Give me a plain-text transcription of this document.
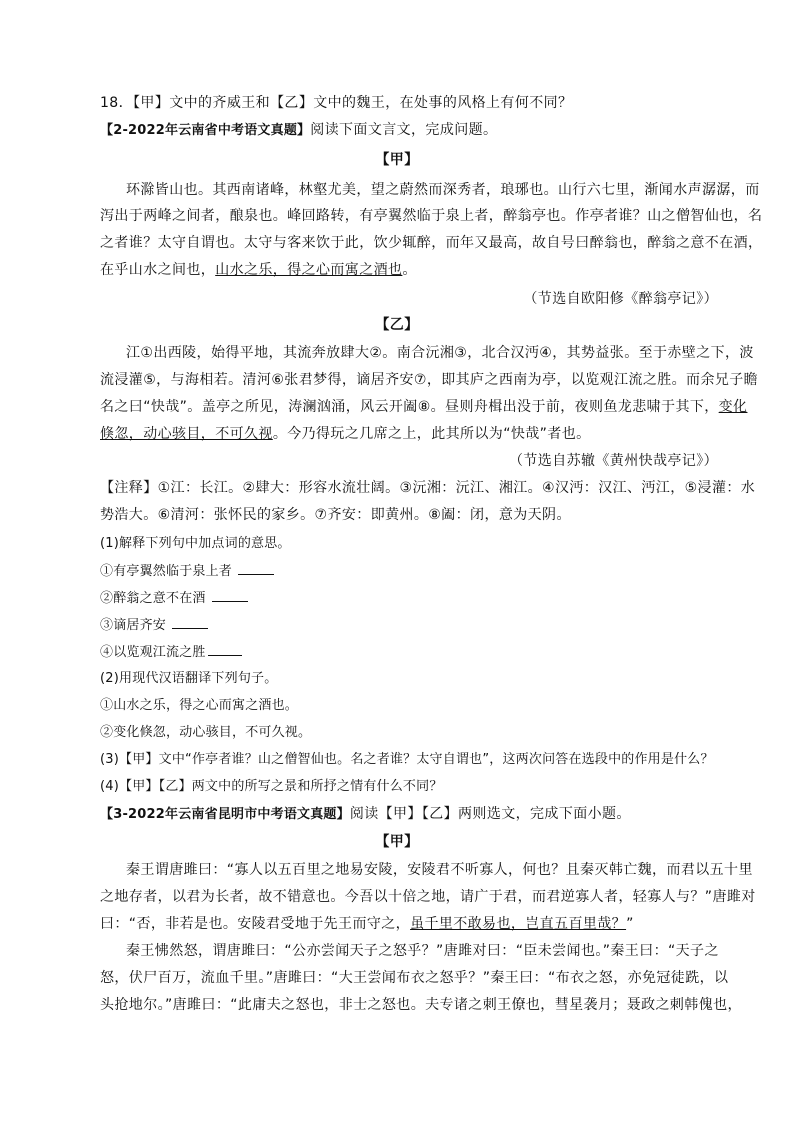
18．【甲】文中的齐威王和【乙】文中的魏王，在处事的风格上有何不同？
【2-2022年云南省中考语文真题】阅读下面文言文，完成问题。
【甲】
环滁皆山也。其西南诸峰，林壑尤美，望之蔚然而深秀者，琅琊也。山行六七里，渐闻水声潺潺，而
泻出于两峰之间者，酿泉也。峰回路转，有亭翼然临于泉上者，醉翁亭也。作亭者谁？山之僧智仙也，名
之者谁？太守自谓也。太守与客来饮于此，饮少辄醉，而年又最高，故自号曰醉翁也，醉翁之意不在酒，
在乎山水之间也，山水之乐，得之心而寓之酒也。
（节选自欧阳修《醉翁亭记》）
【乙】
江①出西陵，始得平地，其流奔放肆大②。南合沅湘③，北合汉沔④，其势益张。至于赤壁之下，波
流浸灌⑤，与海相若。清河⑥张君梦得，谪居齐安⑦，即其庐之西南为亭，以览观江流之胜。而余兄子瞻
名之曰“快哉”。盖亭之所见，涛澜汹涌，风云开阖⑧。昼则舟楫出没于前，夜则鱼龙悲啸于其下，变化
倏忽，动心骇目，不可久视。今乃得玩之几席之上，此其所以为“快哉”者也。
（节选自苏辙《黄州快哉亭记》）
【注释】①江：长江。②肆大：形容水流壮阔。③沅湘：沅江、湘江。④汉沔：汉江、沔江，⑤浸灌：水
势浩大。⑥清河：张怀民的家乡。⑦齐安：即黄州。⑧阖：闭，意为天阴。
(1)解释下列句中加点词的意思。
①有亭翼然临于泉上者
②醉翁之意不在酒
③谪居齐安
④以览观江流之胜
(2)用现代汉语翻译下列句子。
①山水之乐，得之心而寓之酒也。
②变化倏忽，动心骇目，不可久视。
(3)【甲】文中“作亭者谁？山之僧智仙也。名之者谁？太守自谓也”，这两次问答在选段中的作用是什么？
(4)【甲】【乙】两文中的所写之景和所抒之情有什么不同？
【3-2022年云南省昆明市中考语文真题】阅读【甲】【乙】两则选文，完成下面小题。
【甲】
秦王谓唐雎曰：“寡人以五百里之地易安陵，安陵君不听寡人，何也？且秦灭韩亡魏，而君以五十里
之地存者，以君为长者，故不错意也。今吾以十倍之地，请广于君，而君逆寡人者，轻寡人与？”唐雎对
曰：“否，非若是也。安陵君受地于先王而守之，虽千里不敢易也，岂直五百里哉？”
秦王怫然怒，谓唐雎曰：“公亦尝闻天子之怒乎？”唐雎对曰：“臣未尝闻也。”秦王曰：“天子之
怒，伏尸百万，流血千里。”唐雎曰：“大王尝闻布衣之怒乎？”秦王曰：“布衣之怒，亦免冠徒跣，以
头抢地尔。”唐雎曰：“此庸夫之怒也，非士之怒也。夫专诸之刺王僚也，彗星袭月；聂政之刺韩傀也，
